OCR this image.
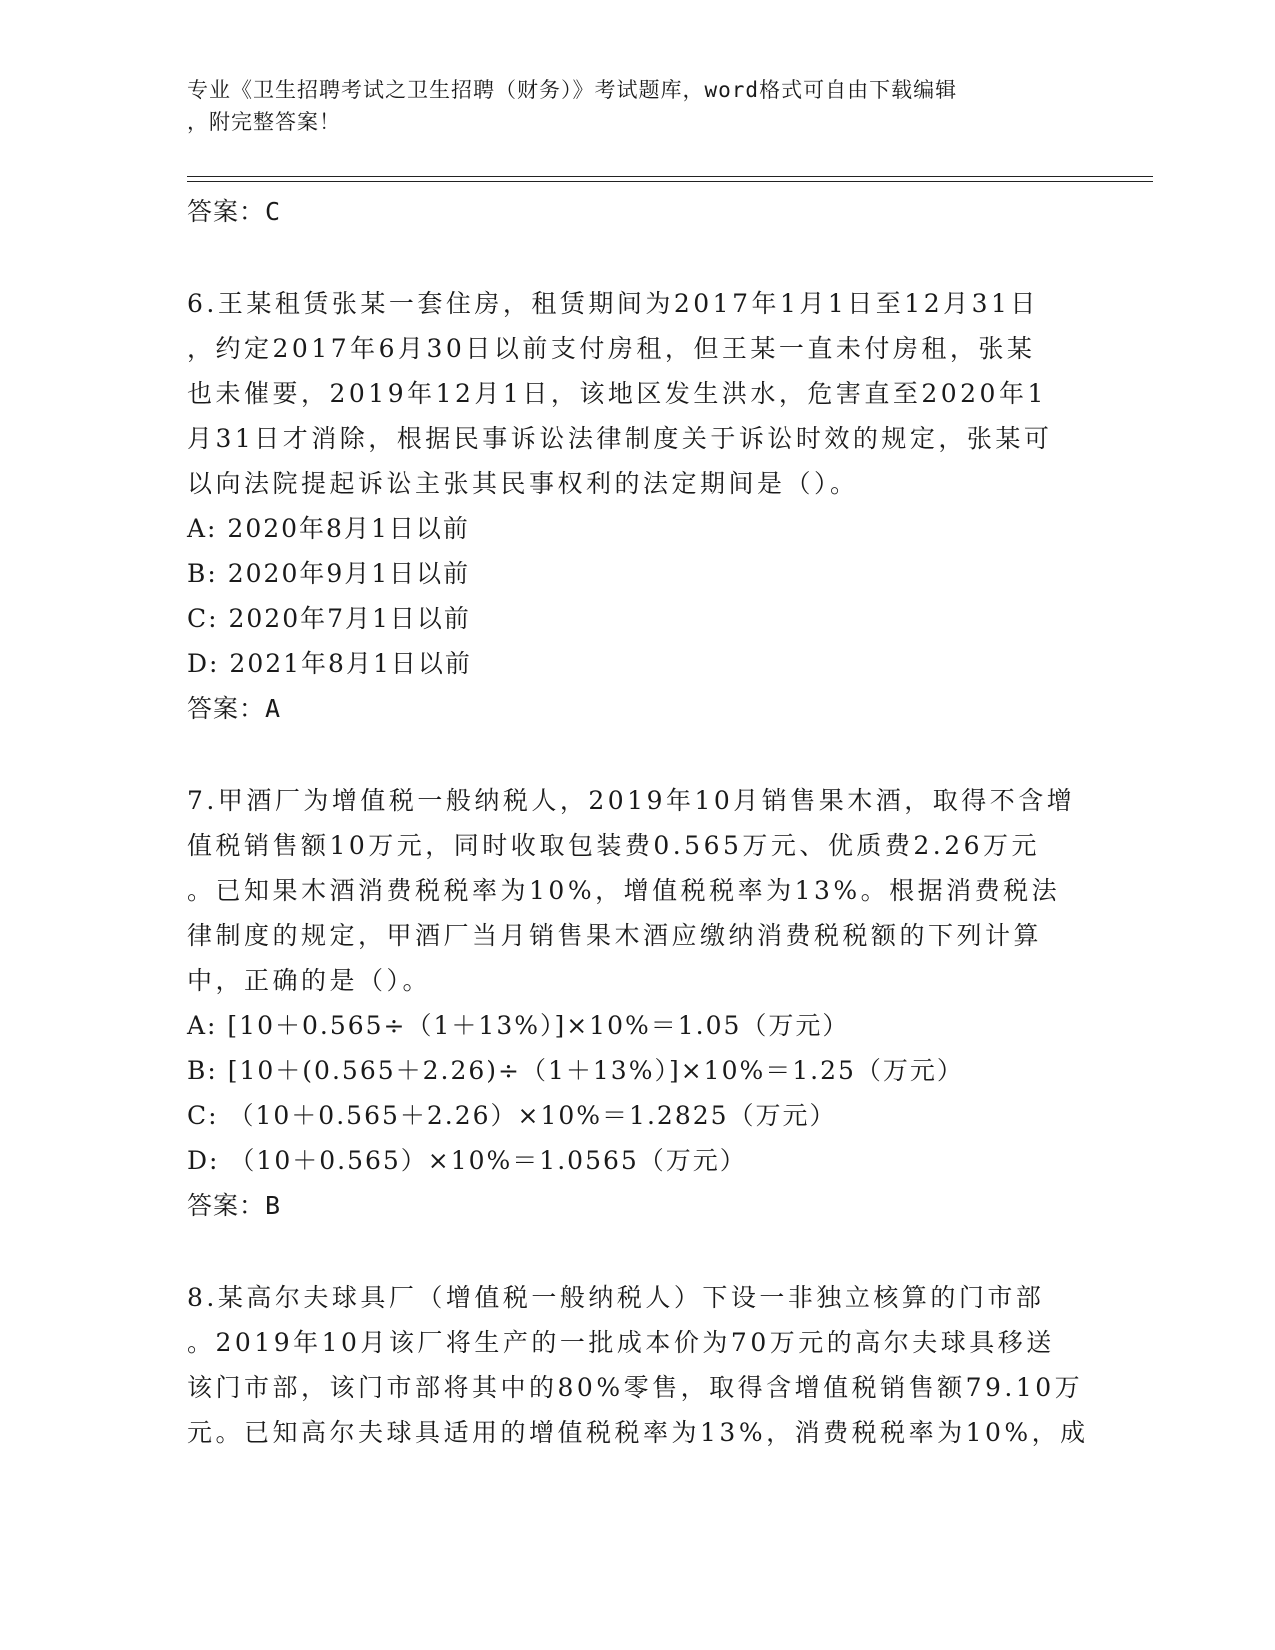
专业《卫生招聘考试之卫生招聘（财务）》考试题库，word格式可自由下载编辑
，附完整答案！
答案：C
6.王某租赁张某一套住房，租赁期间为2017年1月1日至12月31日
，约定2017年6月30日以前支付房租，但王某一直未付房租，张某
也未催要，2019年12月1日，该地区发生洪水，危害直至2020年1
月31日才消除，根据民事诉讼法律制度关于诉讼时效的规定，张某可
以向法院提起诉讼主张其民事权利的法定期间是（）。
A: 2020年8月1日以前
B: 2020年9月1日以前
C: 2020年7月1日以前
D: 2021年8月1日以前
答案：A
7.甲酒厂为增值税一般纳税人，2019年10月销售果木酒，取得不含增
值税销售额10万元，同时收取包装费0.565万元、优质费2.26万元
。已知果木酒消费税税率为10%，增值税税率为13%。根据消费税法
律制度的规定，甲酒厂当月销售果木酒应缴纳消费税税额的下列计算
中，正确的是（）。
A: [10＋0.565÷（1＋13%）]×10%＝1.05（万元）
B: [10＋(0.565＋2.26)÷（1＋13%）]×10%＝1.25（万元）
C: （10＋0.565＋2.26）×10%＝1.2825（万元）
D: （10＋0.565）×10%＝1.0565（万元）
答案：B
8.某高尔夫球具厂（增值税一般纳税人）下设一非独立核算的门市部
。2019年10月该厂将生产的一批成本价为70万元的高尔夫球具移送
该门市部，该门市部将其中的80%零售，取得含增值税销售额79.10万
元。已知高尔夫球具适用的增值税税率为13%，消费税税率为10%，成
